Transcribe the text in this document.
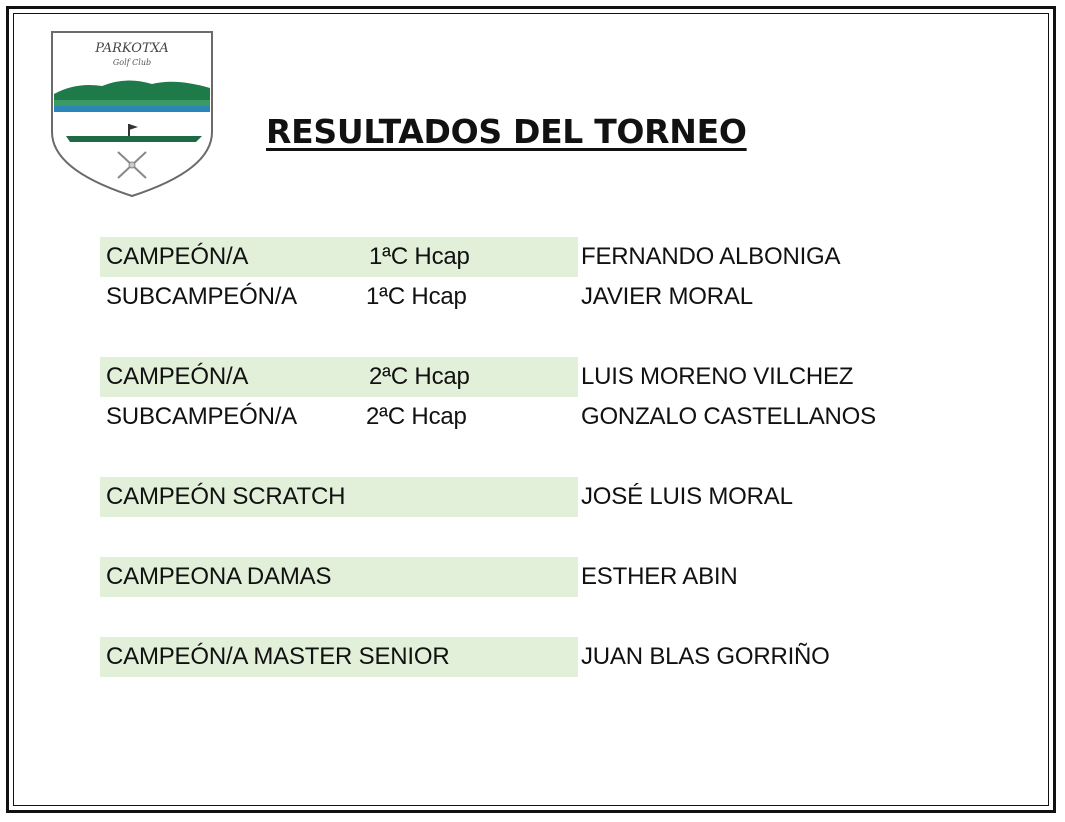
PARKOTXA
Golf Club
RESULTADOS DEL TORNEO
CAMPEÓN/A	1ªC Hcap	FERNANDO ALBONIGA
SUBCAMPEÓN/A	1ªC Hcap	JAVIER MORAL
CAMPEÓN/A	2ªC Hcap	LUIS MORENO VILCHEZ
SUBCAMPEÓN/A	2ªC Hcap	GONZALO CASTELLANOS
CAMPEÓN SCRATCH	JOSÉ LUIS MORAL
CAMPEONA DAMAS	ESTHER ABIN
CAMPEÓN/A MASTER SENIOR	JUAN BLAS GORRIÑO
